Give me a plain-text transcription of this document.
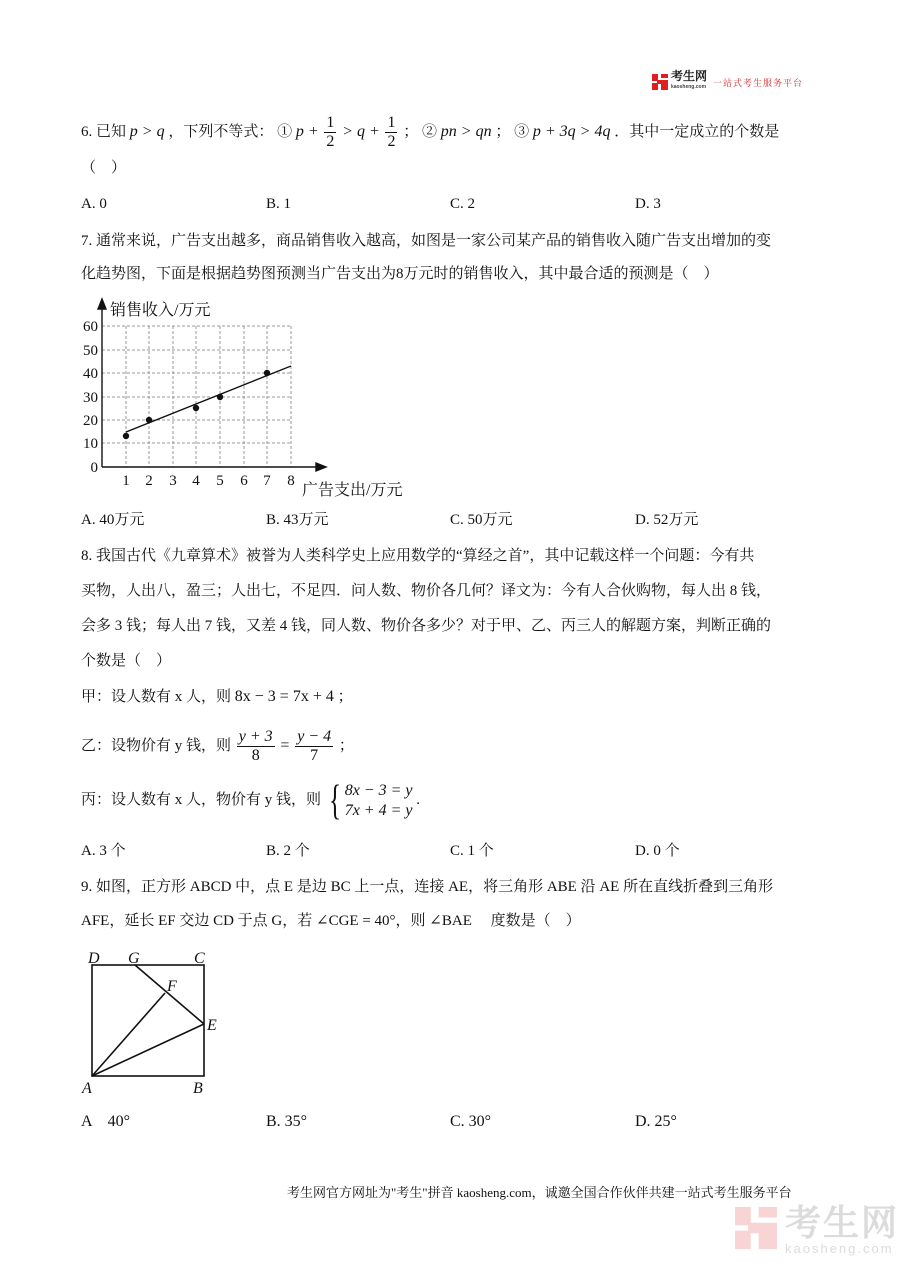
考生网
kaosheng.com 一站式考生服务平台
6. 已知 p > q ，下列不等式： ① $p + \frac{1}{2} > q + \frac{1}{2}$ ； ② pn > qn ； ③ p + 3q > 4q ．其中一定成立的个数是
（　）
A. 0	B. 1	C. 2	D. 3
7. 通常来说，广告支出越多，商品销售收入越高，如图是一家公司某产品的销售收入随广告支出增加的变
化趋势图，下面是根据趋势图预测当广告支出为8万元时的销售收入，其中最合适的预测是（　）
0
10
20
30
40
50
60
1 2 3 4 5 6 7 8
销售收入/万元
广告支出/万元
A. 40万元	B. 43万元	C. 50万元	D. 52万元
8. 我国古代《九章算术》被誉为人类科学史上应用数学的“算经之首”，其中记载这样一个问题：今有共
买物，人出八，盈三；人出七，不足四．问人数、物价各几何？译文为：今有人合伙购物，每人出 8 钱，
会多 3 钱；每人出 7 钱，又差 4 钱，同人数、物价各多少？对于甲、乙、丙三人的解题方案，判断正确的
个数是（　）
甲：设人数有 x 人，则 8x − 3 = 7x + 4 ；
乙：设物价有 y 钱，则 $\frac{y + 3}{8} = \frac{y - 4}{7}$ ；
丙：设人数有 x 人，物价有 y 钱，则 { 8x − 3 = y
7x + 4 = y
.
A. 3 个	B. 2 个	C. 1 个	D. 0 个
9. 如图，正方形 ABCD 中，点 E 是边 BC 上一点，连接 AE，将三角形 ABE 沿 AE 所在直线折叠到三角形
AFE，延长 EF 交边 CD 于点 G，若 ∠CGE = 40°，则 ∠BAE　 度数是（　）
D G	C
F
E
A	B
A　40°	B. 35°	C. 30°	D. 25°
考生网官方网址为"考生"拼音 kaosheng.com，诚邀全国合作伙伴共建一站式考生服务平台
考生网
kaosheng.com
